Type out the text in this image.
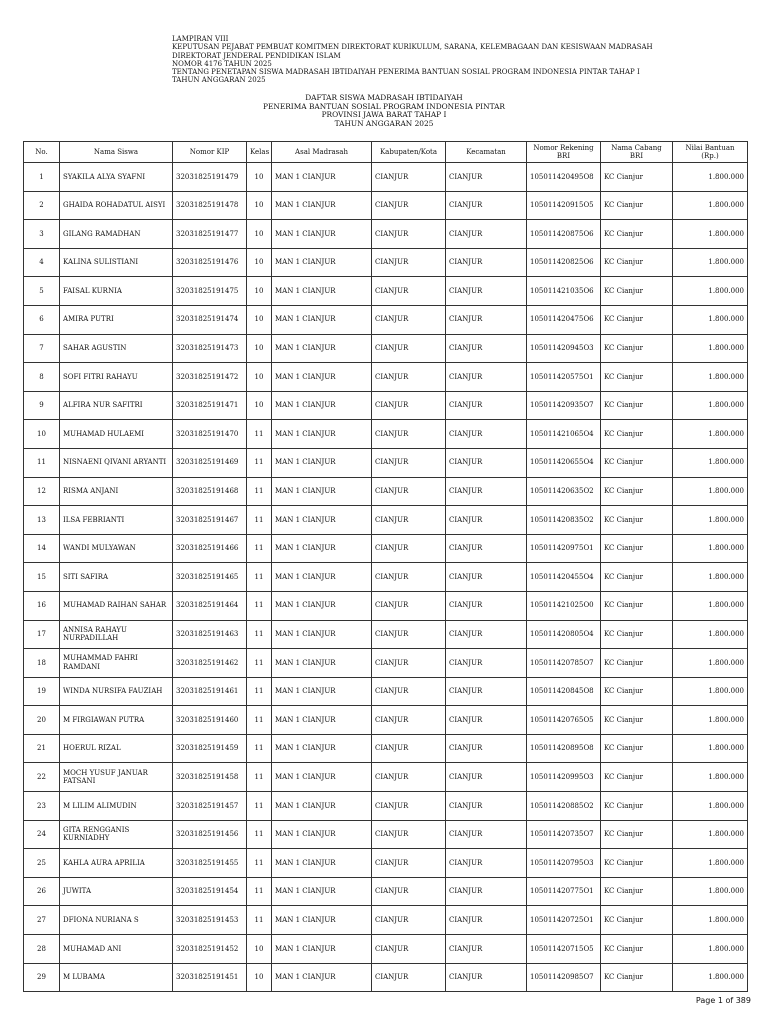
LAMPIRAN VIII
KEPUTUSAN PEJABAT PEMBUAT KOMITMEN DIREKTORAT KURIKULUM, SARANA, KELEMBAGAAN DAN KESISWAAN MADRASAH
DIREKTORAT JENDERAL PENDIDIKAN ISLAM
NOMOR 4176 TAHUN 2025
TENTANG PENETAPAN SISWA MADRASAH IBTIDAIYAH PENERIMA BANTUAN SOSIAL PROGRAM INDONESIA PINTAR TAHAP I
TAHUN ANGGARAN 2025
DAFTAR SISWA MADRASAH IBTIDAIYAH
PENERIMA BANTUAN SOSIAL PROGRAM INDONESIA PINTAR
PROVINSI JAWA BARAT TAHAP I
TAHUN ANGGARAN 2025
No.	Nama Siswa	Nomor KIP	Kelas	Asal Madrasah	Kabupaten/Kota	Kecamatan	Nomor Rekening BRI	Nama Cabang BRI	Nilai Bantuan (Rp.)
1	SYAKILA ALYA SYAFNI	32031825191479	10	MAN 1 CIANJUR	CIANJUR	CIANJUR	105011420495O8	KC Cianjur	1.800.000
2	GHAIDA ROHADATUL AISYI	32031825191478	10	MAN 1 CIANJUR	CIANJUR	CIANJUR	105011420915O5	KC Cianjur	1.800.000
3	GILANG RAMADHAN	32031825191477	10	MAN 1 CIANJUR	CIANJUR	CIANJUR	105011420875O6	KC Cianjur	1.800.000
4	KALINA SULISTIANI	32031825191476	10	MAN 1 CIANJUR	CIANJUR	CIANJUR	105011420825O6	KC Cianjur	1.800.000
5	FAISAL KURNIA	32031825191475	10	MAN 1 CIANJUR	CIANJUR	CIANJUR	105011421035O6	KC Cianjur	1.800.000
6	AMIRA PUTRI	32031825191474	10	MAN 1 CIANJUR	CIANJUR	CIANJUR	105011420475O6	KC Cianjur	1.800.000
7	SAHAR AGUSTIN	32031825191473	10	MAN 1 CIANJUR	CIANJUR	CIANJUR	105011420945O3	KC Cianjur	1.800.000
8	SOFI FITRI RAHAYU	32031825191472	10	MAN 1 CIANJUR	CIANJUR	CIANJUR	105011420575O1	KC Cianjur	1.800.000
9	ALFIRA NUR SAFITRI	32031825191471	10	MAN 1 CIANJUR	CIANJUR	CIANJUR	105011420935O7	KC Cianjur	1.800.000
10	MUHAMAD HULAEMI	32031825191470	11	MAN 1 CIANJUR	CIANJUR	CIANJUR	105011421065O4	KC Cianjur	1.800.000
11	NISNAENI QIVANI ARYANTI	32031825191469	11	MAN 1 CIANJUR	CIANJUR	CIANJUR	105011420655O4	KC Cianjur	1.800.000
12	RISMA ANJANI	32031825191468	11	MAN 1 CIANJUR	CIANJUR	CIANJUR	105011420635O2	KC Cianjur	1.800.000
13	ILSA FEBRIANTI	32031825191467	11	MAN 1 CIANJUR	CIANJUR	CIANJUR	105011420835O2	KC Cianjur	1.800.000
14	WANDI MULYAWAN	32031825191466	11	MAN 1 CIANJUR	CIANJUR	CIANJUR	105011420975O1	KC Cianjur	1.800.000
15	SITI SAFIRA	32031825191465	11	MAN 1 CIANJUR	CIANJUR	CIANJUR	105011420455O4	KC Cianjur	1.800.000
16	MUHAMAD RAIHAN SAHAR	32031825191464	11	MAN 1 CIANJUR	CIANJUR	CIANJUR	105011421025O0	KC Cianjur	1.800.000
17	ANNISA RAHAYU NURPADILLAH	32031825191463	11	MAN 1 CIANJUR	CIANJUR	CIANJUR	105011420805O4	KC Cianjur	1.800.000
18	MUHAMMAD FAHRI RAMDANI	32031825191462	11	MAN 1 CIANJUR	CIANJUR	CIANJUR	105011420785O7	KC Cianjur	1.800.000
19	WINDA NURSIFA FAUZIAH	32031825191461	11	MAN 1 CIANJUR	CIANJUR	CIANJUR	105011420845O8	KC Cianjur	1.800.000
20	M FIRGIAWAN PUTRA	32031825191460	11	MAN 1 CIANJUR	CIANJUR	CIANJUR	105011420765O5	KC Cianjur	1.800.000
21	HOERUL RIZAL	32031825191459	11	MAN 1 CIANJUR	CIANJUR	CIANJUR	105011420895O8	KC Cianjur	1.800.000
22	MOCH YUSUF JANUAR FATSANI	32031825191458	11	MAN 1 CIANJUR	CIANJUR	CIANJUR	105011420995O3	KC Cianjur	1.800.000
23	M LILIM ALIMUDIN	32031825191457	11	MAN 1 CIANJUR	CIANJUR	CIANJUR	105011420885O2	KC Cianjur	1.800.000
24	GITA RENGGANIS KURNIADHY	32031825191456	11	MAN 1 CIANJUR	CIANJUR	CIANJUR	105011420735O7	KC Cianjur	1.800.000
25	KAHLA AURA APRILIA	32031825191455	11	MAN 1 CIANJUR	CIANJUR	CIANJUR	105011420795O3	KC Cianjur	1.800.000
26	JUWITA	32031825191454	11	MAN 1 CIANJUR	CIANJUR	CIANJUR	105011420775O1	KC Cianjur	1.800.000
27	DFIONA NURIANA S	32031825191453	11	MAN 1 CIANJUR	CIANJUR	CIANJUR	105011420725O1	KC Cianjur	1.800.000
28	MUHAMAD ANI	32031825191452	10	MAN 1 CIANJUR	CIANJUR	CIANJUR	105011420715O5	KC Cianjur	1.800.000
29	M LUBAMA	32031825191451	10	MAN 1 CIANJUR	CIANJUR	CIANJUR	105011420985O7	KC Cianjur	1.800.000
Page 1 of 389
